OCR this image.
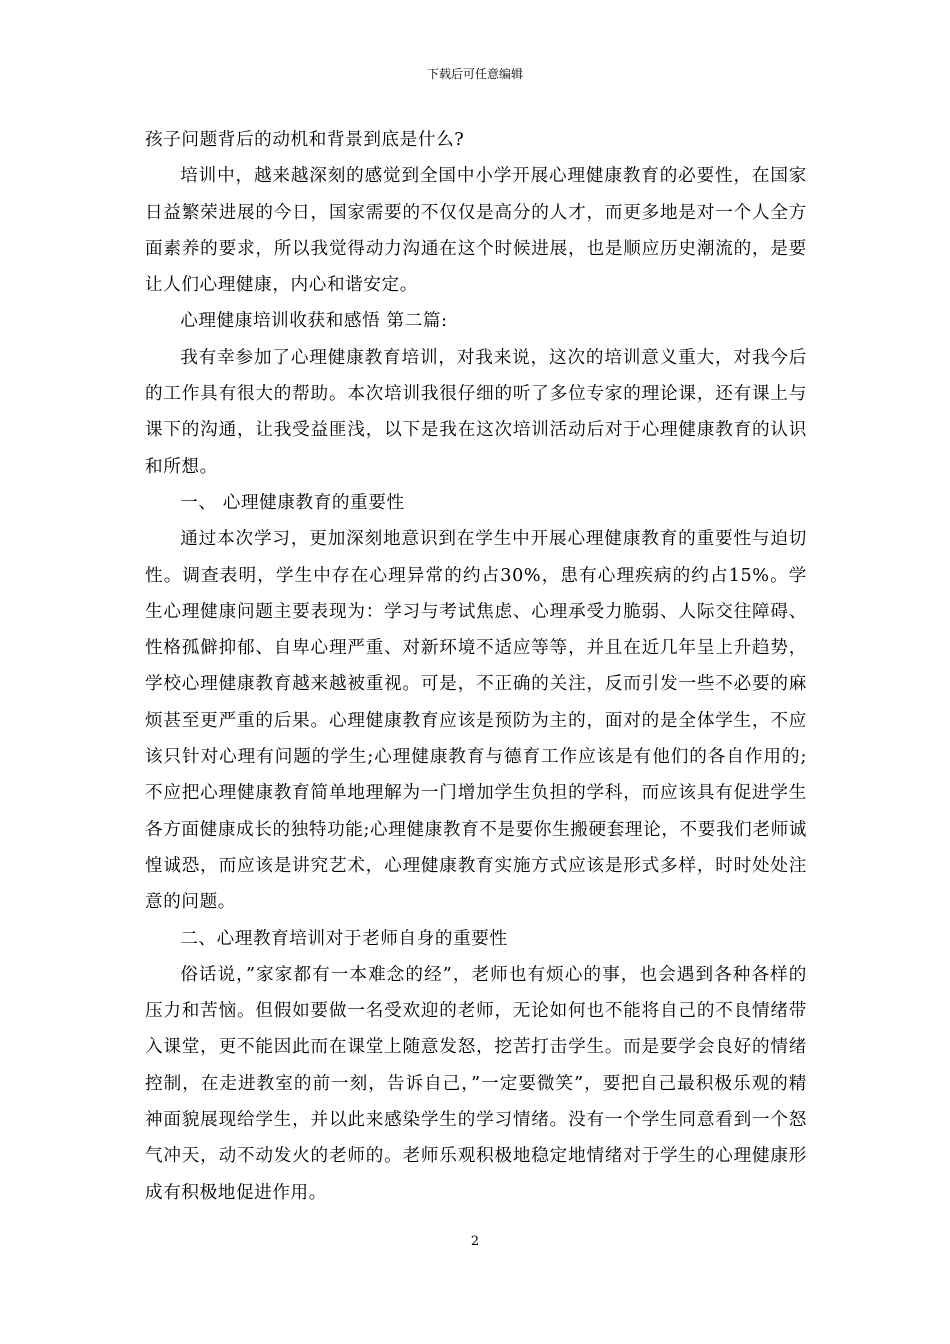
下载后可任意编辑

孩子问题背后的动机和背景到底是什么?

培训中，越来越深刻的感觉到全国中小学开展心理健康教育的必要性，在国家日益繁荣进展的今日，国家需要的不仅仅是高分的人才，而更多地是对一个人全方面素养的要求，所以我觉得动力沟通在这个时候进展，也是顺应历史潮流的，是要让人们心理健康，内心和谐安定。

心理健康培训收获和感悟 第二篇:

我有幸参加了心理健康教育培训，对我来说，这次的培训意义重大，对我今后的工作具有很大的帮助。本次培训我很仔细的听了多位专家的理论课，还有课上与课下的沟通，让我受益匪浅，以下是我在这次培训活动后对于心理健康教育的认识和所想。

一、 心理健康教育的重要性

通过本次学习，更加深刻地意识到在学生中开展心理健康教育的重要性与迫切性。调查表明，学生中存在心理异常的约占30%，患有心理疾病的约占15%。学生心理健康问题主要表现为：学习与考试焦虑、心理承受力脆弱、人际交往障碍、性格孤僻抑郁、自卑心理严重、对新环境不适应等等，并且在近几年呈上升趋势，学校心理健康教育越来越被重视。可是，不正确的关注，反而引发一些不必要的麻烦甚至更严重的后果。心理健康教育应该是预防为主的，面对的是全体学生，不应该只针对心理有问题的学生;心理健康教育与德育工作应该是有他们的各自作用的;不应把心理健康教育简单地理解为一门增加学生负担的学科，而应该具有促进学生各方面健康成长的独特功能;心理健康教育不是要你生搬硬套理论，不要我们老师诚惶诚恐，而应该是讲究艺术，心理健康教育实施方式应该是形式多样，时时处处注意的问题。

二、心理教育培训对于老师自身的重要性

俗话说，”家家都有一本难念的经”，老师也有烦心的事，也会遇到各种各样的压力和苦恼。但假如要做一名受欢迎的老师，无论如何也不能将自己的不良情绪带入课堂，更不能因此而在课堂上随意发怒，挖苦打击学生。而是要学会良好的情绪控制，在走进教室的前一刻，告诉自己，”一定要微笑”，要把自己最积极乐观的精神面貌展现给学生，并以此来感染学生的学习情绪。没有一个学生同意看到一个怒气冲天，动不动发火的老师的。老师乐观积极地稳定地情绪对于学生的心理健康形成有积极地促进作用。

2
